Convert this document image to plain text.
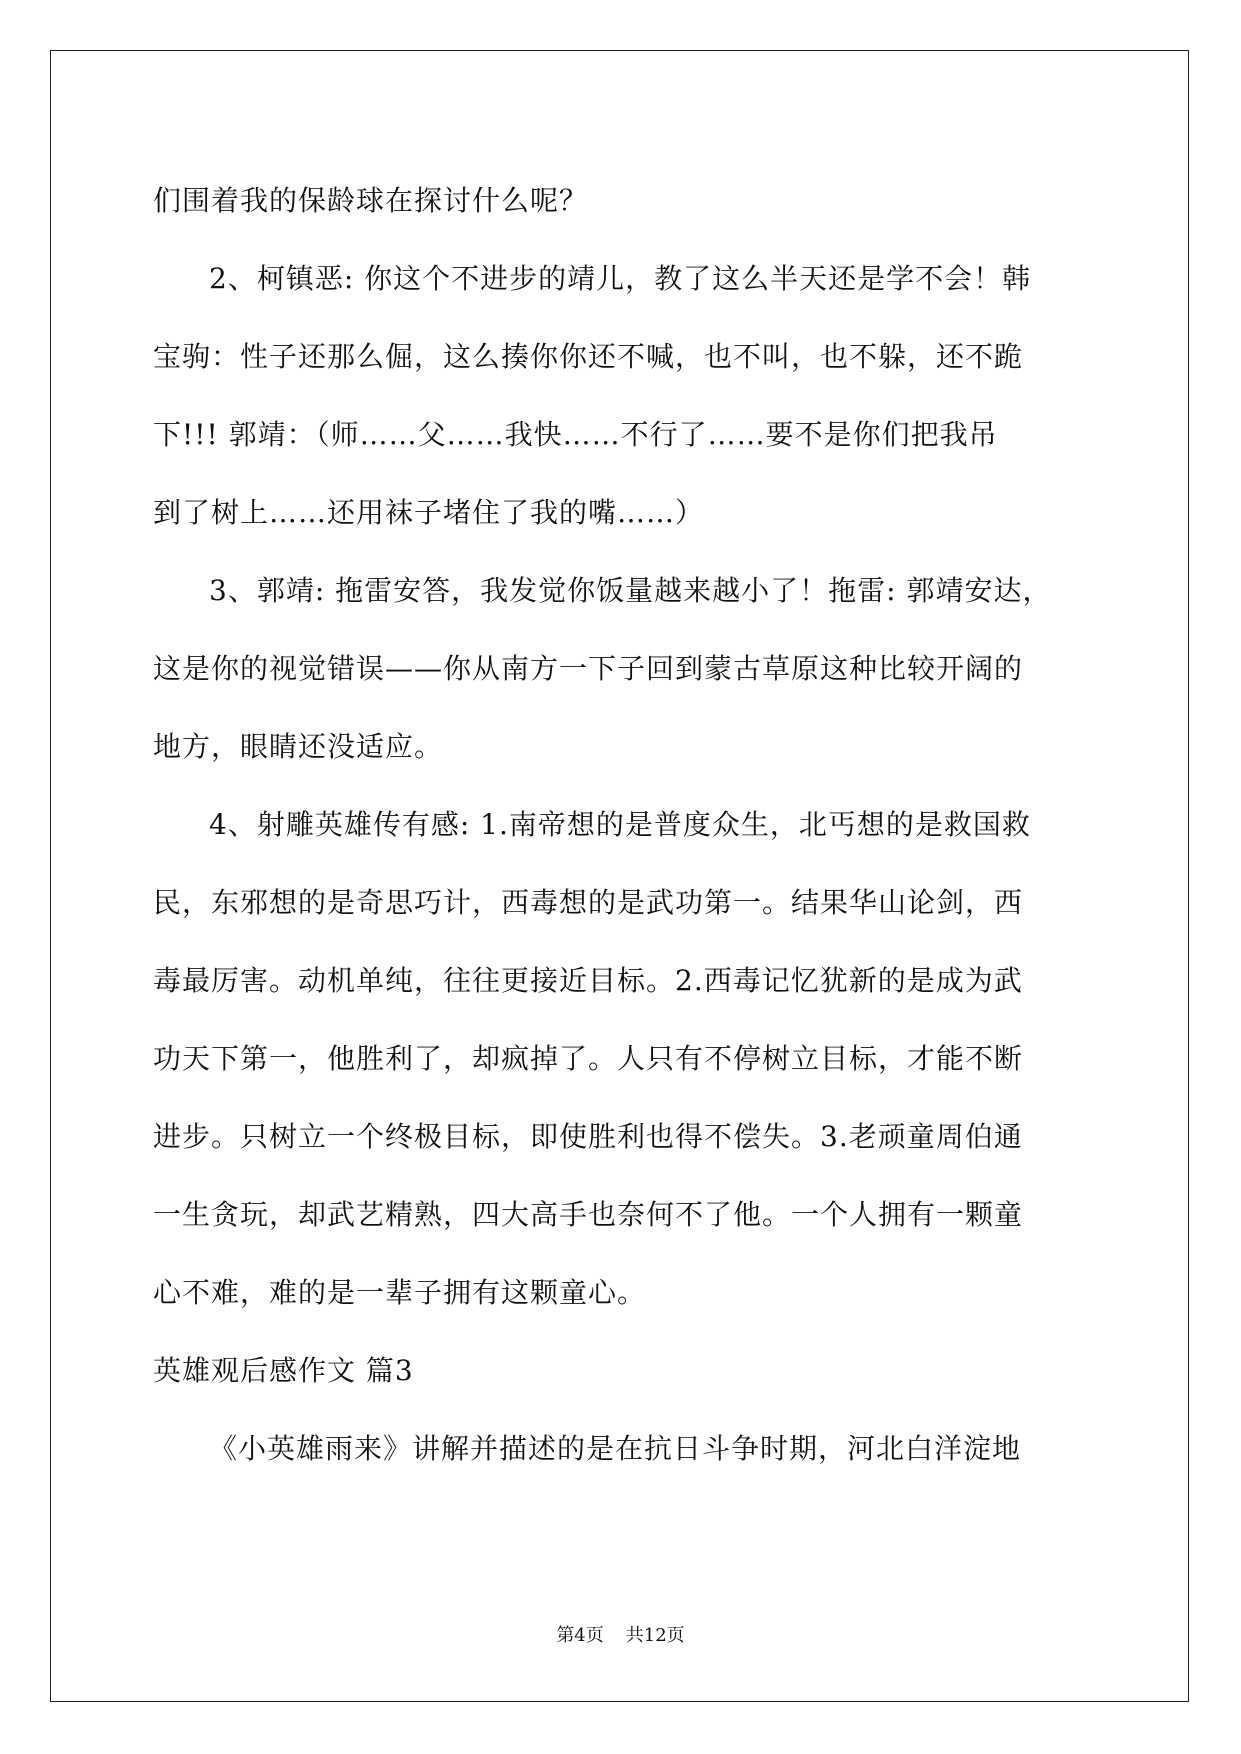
们围着我的保龄球在探讨什么呢？
2、柯镇恶: 你这个不进步的靖儿，教了这么半天还是学不会！韩
宝驹：性子还那么倔，这么揍你你还不喊，也不叫，也不躲，还不跪
下!!! 郭靖：（师……父……我快……不行了……要不是你们把我吊
到了树上……还用袜子堵住了我的嘴……）
3、郭靖: 拖雷安答，我发觉你饭量越来越小了！拖雷: 郭靖安达，
这是你的视觉错误——你从南方一下子回到蒙古草原这种比较开阔的
地方，眼睛还没适应。
4、射雕英雄传有感: 1.南帝想的是普度众生，北丐想的是救国救
民，东邪想的是奇思巧计，西毒想的是武功第一。结果华山论剑，西
毒最厉害。动机单纯，往往更接近目标。2.西毒记忆犹新的是成为武
功天下第一，他胜利了，却疯掉了。人只有不停树立目标，才能不断
进步。只树立一个终极目标，即使胜利也得不偿失。3.老顽童周伯通
一生贪玩，却武艺精熟，四大高手也奈何不了他。一个人拥有一颗童
心不难，难的是一辈子拥有这颗童心。
英雄观后感作文 篇3
《小英雄雨来》讲解并描述的是在抗日斗争时期，河北白洋淀地
第4页 共12页
